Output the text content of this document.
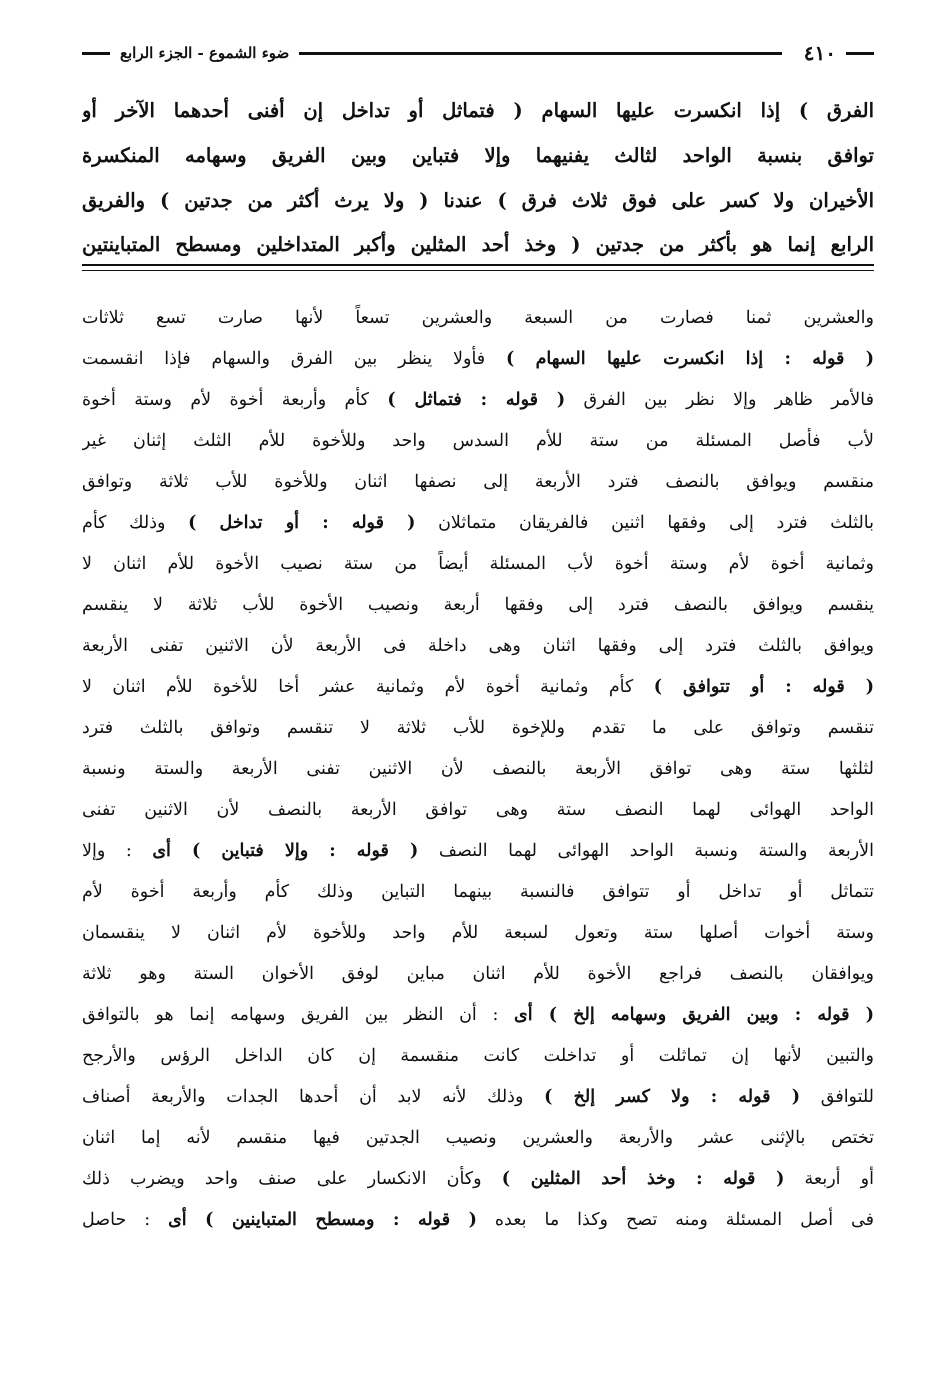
٤١٠
ضوء الشموع - الجزء الرابع
الفرق ) إذا انكسرت عليها السهام ( فتماثل أو تداخل إن أفنى أحدهما الآخر أو
توافق بنسبة الواحد لثالث يفنيهما وإلا فتباين وبين الفريق وسهامه المنكسرة
الأخيران ولا كسر على فوق ثلاث فرق ) عندنا ( ولا يرث أكثر من جدتين ) والفريق
الرابع إنما هو بأكثر من جدتين ( وخذ أحد المثلين وأكبر المتداخلين ومسطح المتباينتين
والعشرين ثمنا فصارت من السبعة والعشرين تسعاً لأنها صارت تسع ثلاثات
( قوله : إذا انكسرت عليها السهام ) فأولا ينظر بين الفرق والسهام فإذا انقسمت
فالأمر ظاهر وإلا نظر بين الفرق ( قوله : فتماثل ) كأم وأربعة أخوة لأم وستة أخوة
لأب فأصل المسئلة من ستة للأم السدس واحد وللأخوة للأم الثلث إثنان غير
منقسم ويوافق بالنصف فترد الأربعة إلى نصفها اثنان وللأخوة للأب ثلاثة وتوافق
بالثلث فترد إلى وفقها اثنين فالفريقان متماثلان ( قوله : أو تداخل ) وذلك كأم
وثمانية أخوة لأم وستة أخوة لأب المسئلة أيضاً من ستة نصيب الأخوة للأم اثنان لا
ينقسم ويوافق بالنصف فترد إلى وفقها أربعة ونصيب الأخوة للأب ثلاثة لا ينقسم
ويوافق بالثلث فترد إلى وفقها اثنان وهى داخلة فى الأربعة لأن الاثنين تفنى الأربعة
( قوله : أو تتوافق ) كأم وثمانية أخوة لأم وثمانية عشر أخا للأخوة للأم اثنان لا
تنقسم وتوافق على ما تقدم وللإخوة للأب ثلاثة لا تنقسم وتوافق بالثلث فترد
لثلثها ستة وهى توافق الأربعة بالنصف لأن الاثنين تفنى الأربعة والستة ونسبة
الواحد الهوائى لهما النصف ستة وهى توافق الأربعة بالنصف لأن الاثنين تفنى
الأربعة والستة ونسبة الواحد الهوائى لهما النصف ( قوله : وإلا فتباين ) أى : وإلا
تتماثل أو تداخل أو تتوافق فالنسبة بينهما التباين وذلك كأم وأربعة أخوة لأم
وستة أخوات أصلها ستة وتعول لسبعة للأم واحد وللأخوة لأم اثنان لا ينقسمان
ويوافقان بالنصف فراجع الأخوة للأم اثنان مباين لوفق الأخوان الستة وهو ثلاثة
( قوله : وبين الفريق وسهامه إلخ ) أى : أن النظر بين الفريق وسهامه إنما هو بالتوافق
والتبين لأنها إن تماثلت أو تداخلت كانت منقسمة إن كان الداخل الرؤس والأرجح
للتوافق ( قوله : ولا كسر إلخ ) وذلك لأنه لابد أن أحدها الجدات والأربعة أصناف
تختص بالإثنى عشر والأربعة والعشرين ونصيب الجدتين فيها منقسم لأنه إما اثنان
أو أربعة ( قوله : وخذ أحد المثلين ) وكأن الانكسار على صنف واحد ويضرب ذلك
فى أصل المسئلة ومنه تصح وكذا ما بعده ( قوله : ومسطح المتباينين ) أى : حاصل
